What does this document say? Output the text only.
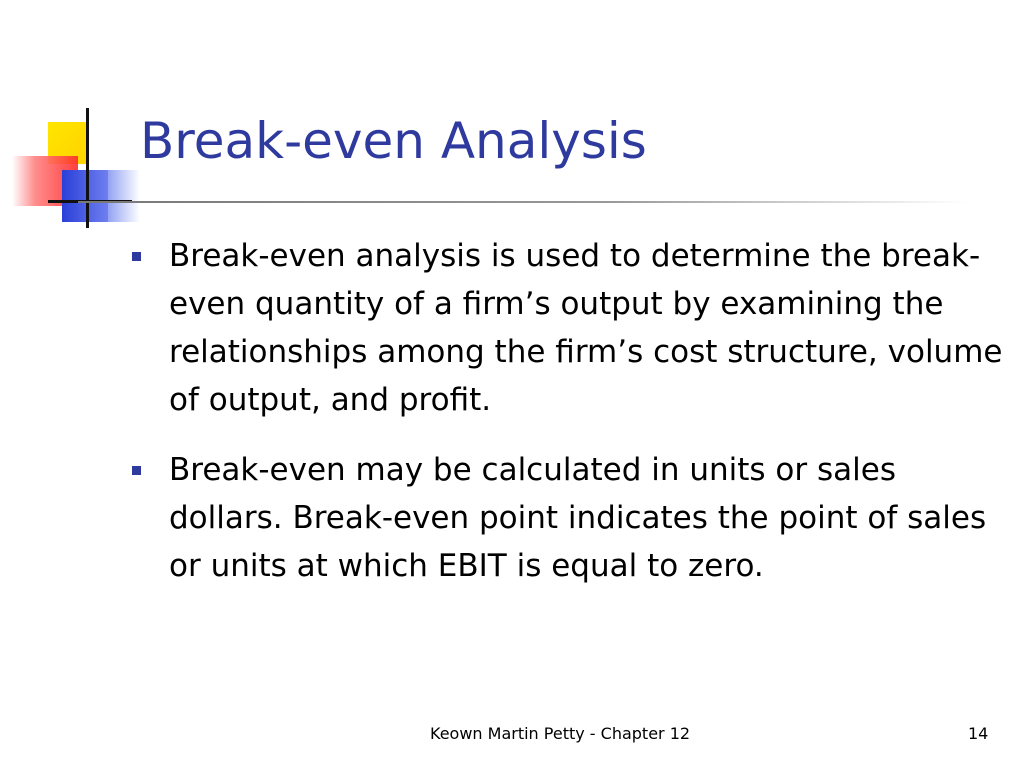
Break-even Analysis
Break-even analysis is used to determine the break-even quantity of a firm’s output by examining the relationships among the firm’s cost structure, volume of output, and profit.
Break-even may be calculated in units or sales dollars. Break-even point indicates the point of sales or units at which EBIT is equal to zero.
Keown Martin Petty - Chapter 12	14
